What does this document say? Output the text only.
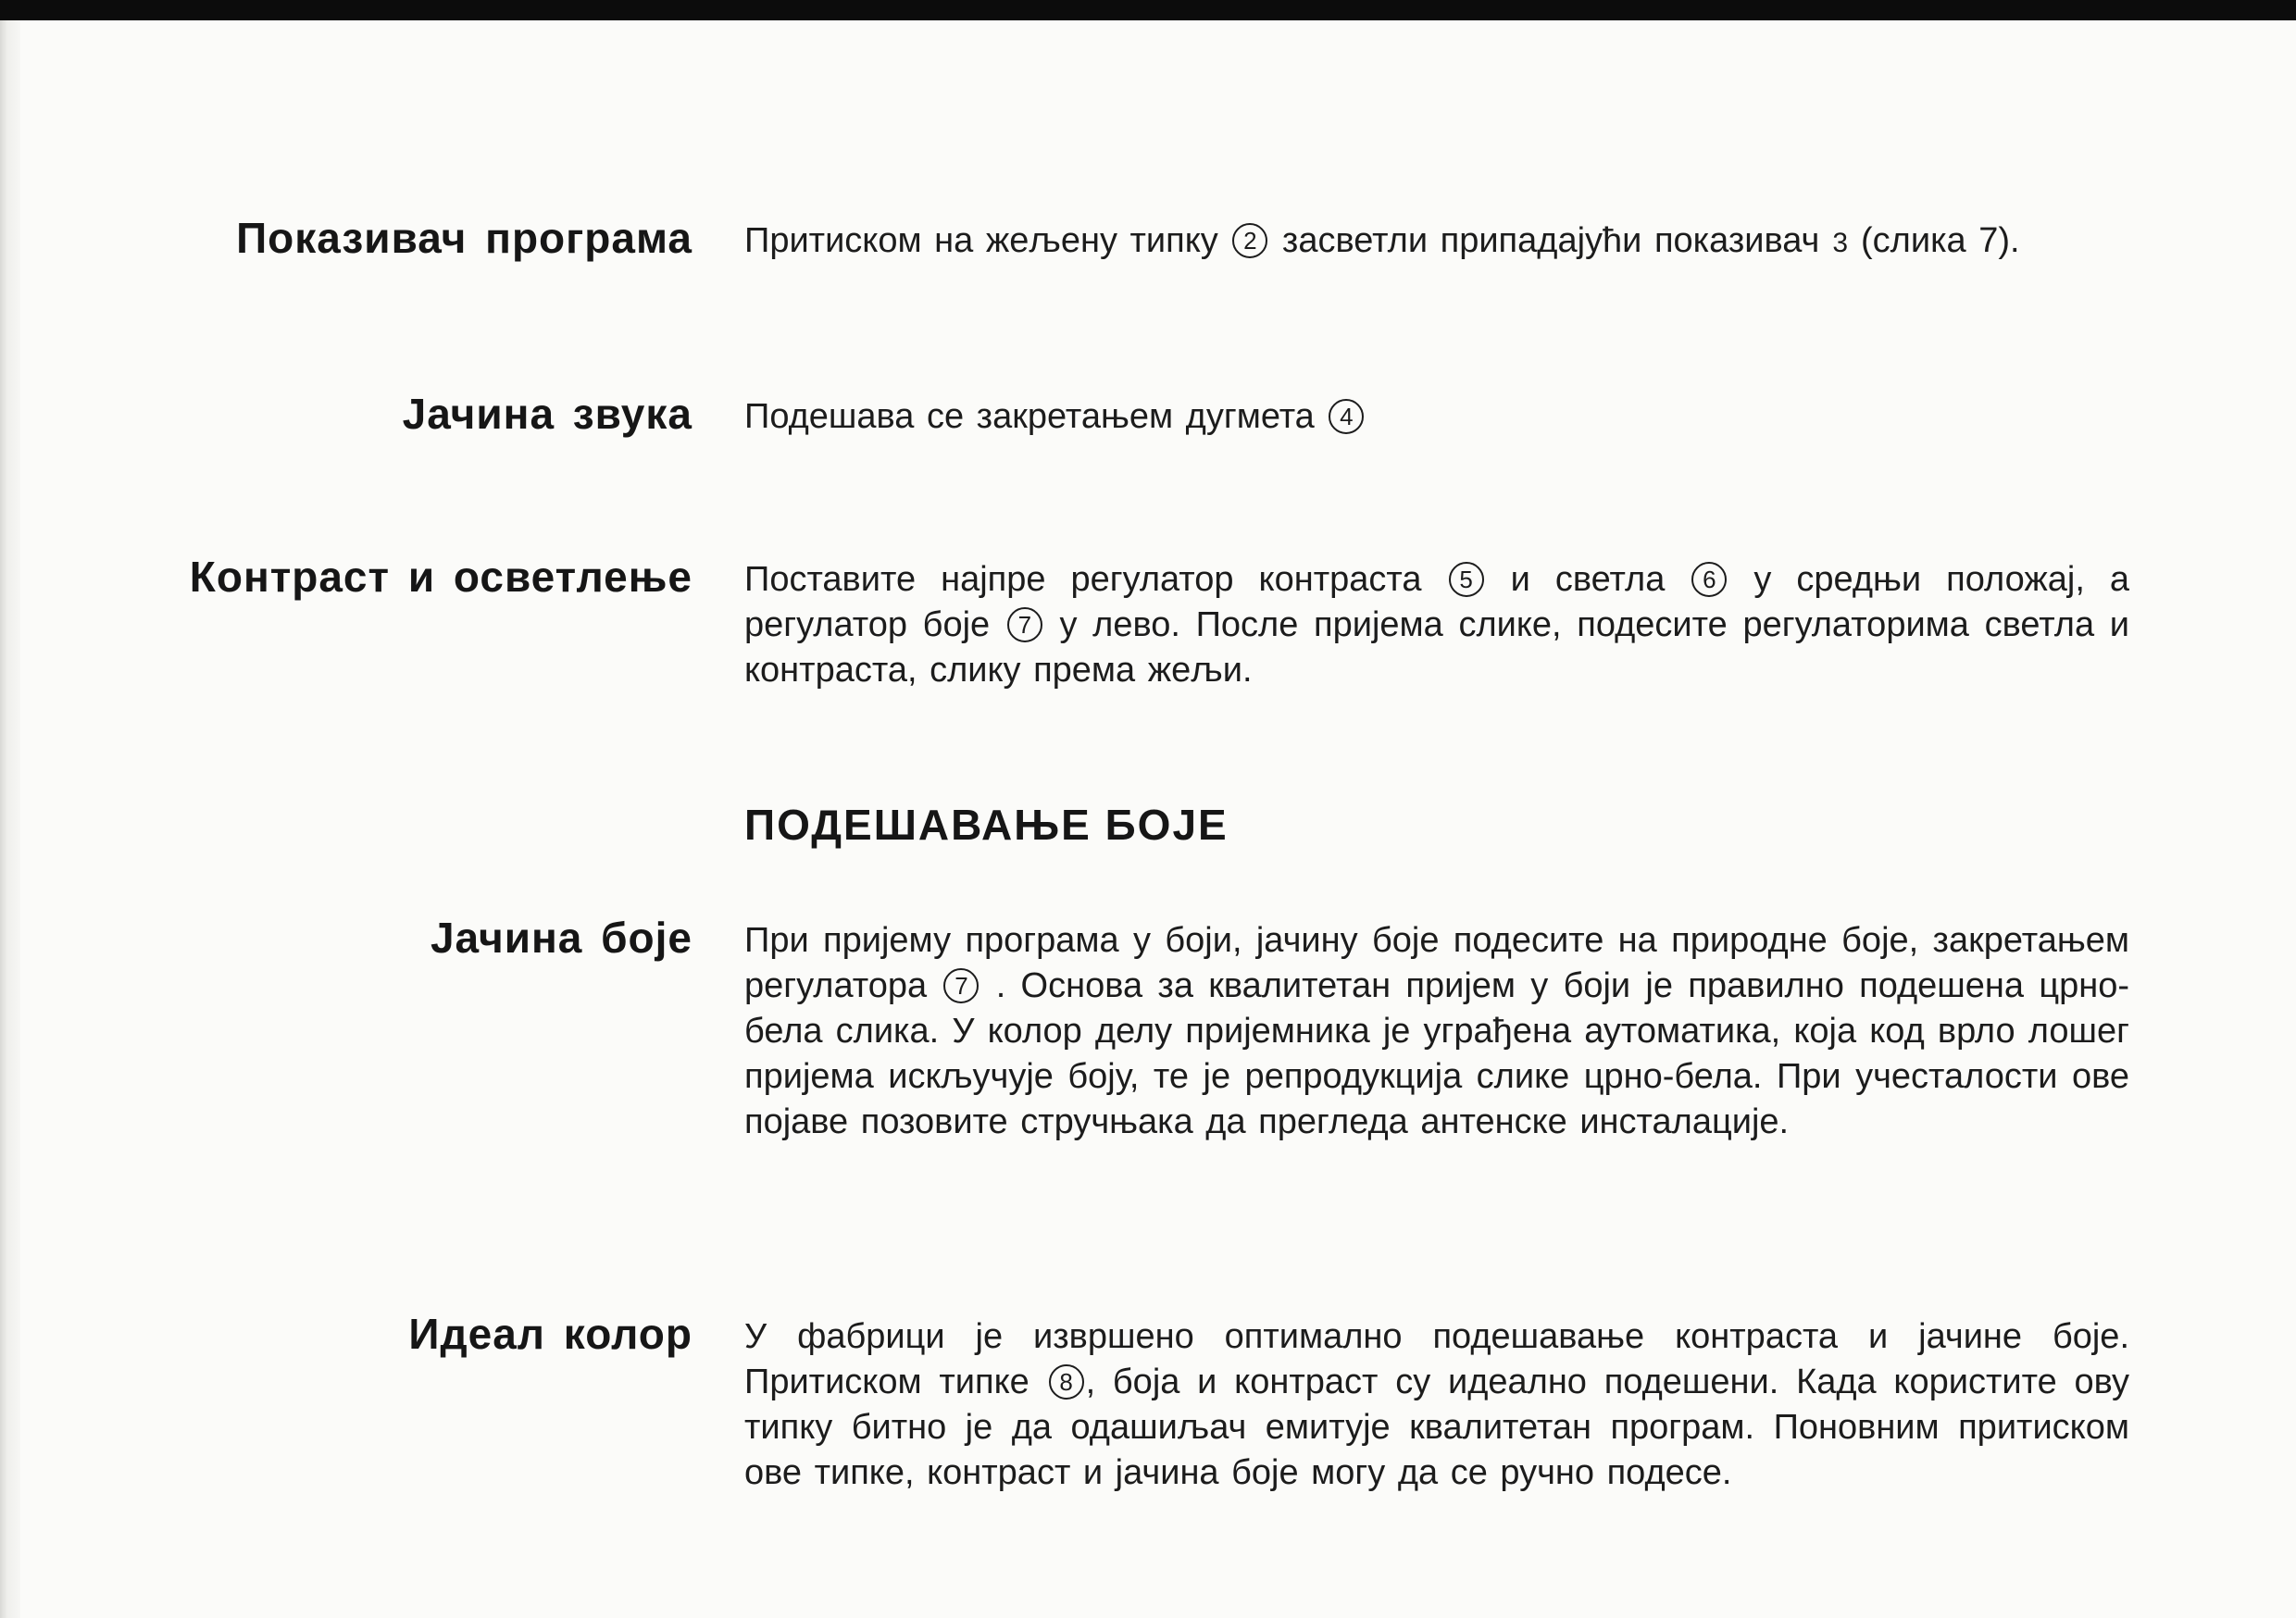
Показивач програма Притиском на жељену типку 2 засветли припадајући показивач 3 (слика 7).

Јачина звука Подешава се закретањем дугмета 4

Контраст и осветлење Поставите најпре регулатор контраста 5 и светла 6 у средњи положај, а регулатор боје 7 у лево. После пријема слике, подесите регулаторима светла и контраста, слику према жељи.

ПОДЕШАВАЊЕ БОЈЕ
Јачина боје При пријему програма у боји, јачину боје подесите на природне боје, закретањем регулатора 7 . Основа за квалитетан пријем у боји је правилно подешена црно-бела слика. У колор делу пријемника је уграђена аутоматика, која код врло лошег пријема искључује боју, те је репродукција слике црно-бела. При учесталости ове појаве позовите стручњака да прегледа антенске инсталације.

Идеал колор У фабрици је извршено оптимално подешавање контраста и јачине боје. Притиском типке 8 , боја и контраст су идеално подешени. Када користите ову типку битно је да одашиљач емитује квалитетан програм. Поновним притиском ове типке, контраст и јачина боје могу да се ручно подесе.
